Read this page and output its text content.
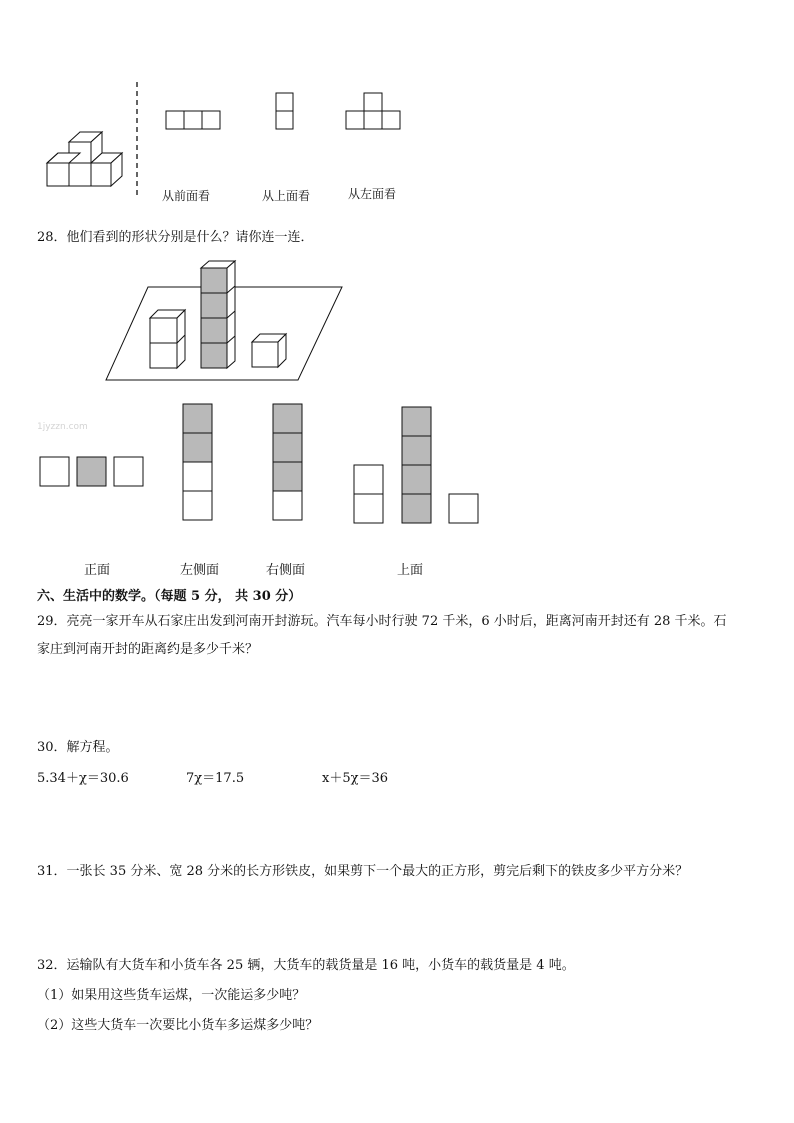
从前面看	从上面看	从左面看
28．他们看到的形状分别是什么？请你连一连．
1jyzzn.com
正面	左侧面	右侧面	上面
六、生活中的数学。（每题 5 分， 共 30 分）
29．亮亮一家开车从石家庄出发到河南开封游玩。汽车每小时行驶 72 千米，6 小时后，距离河南开封还有 28 千米。石
家庄到河南开封的距离约是多少千米？
30．解方程。
5.34＋χ＝30.6	7χ＝17.5	x＋5χ＝36
31．一张长 35 分米、宽 28 分米的长方形铁皮，如果剪下一个最大的正方形，剪完后剩下的铁皮多少平方分米？
32．运输队有大货车和小货车各 25 辆，大货车的载货量是 16 吨，小货车的载货量是 4 吨。
（1）如果用这些货车运煤，一次能运多少吨？
（2）这些大货车一次要比小货车多运煤多少吨？
